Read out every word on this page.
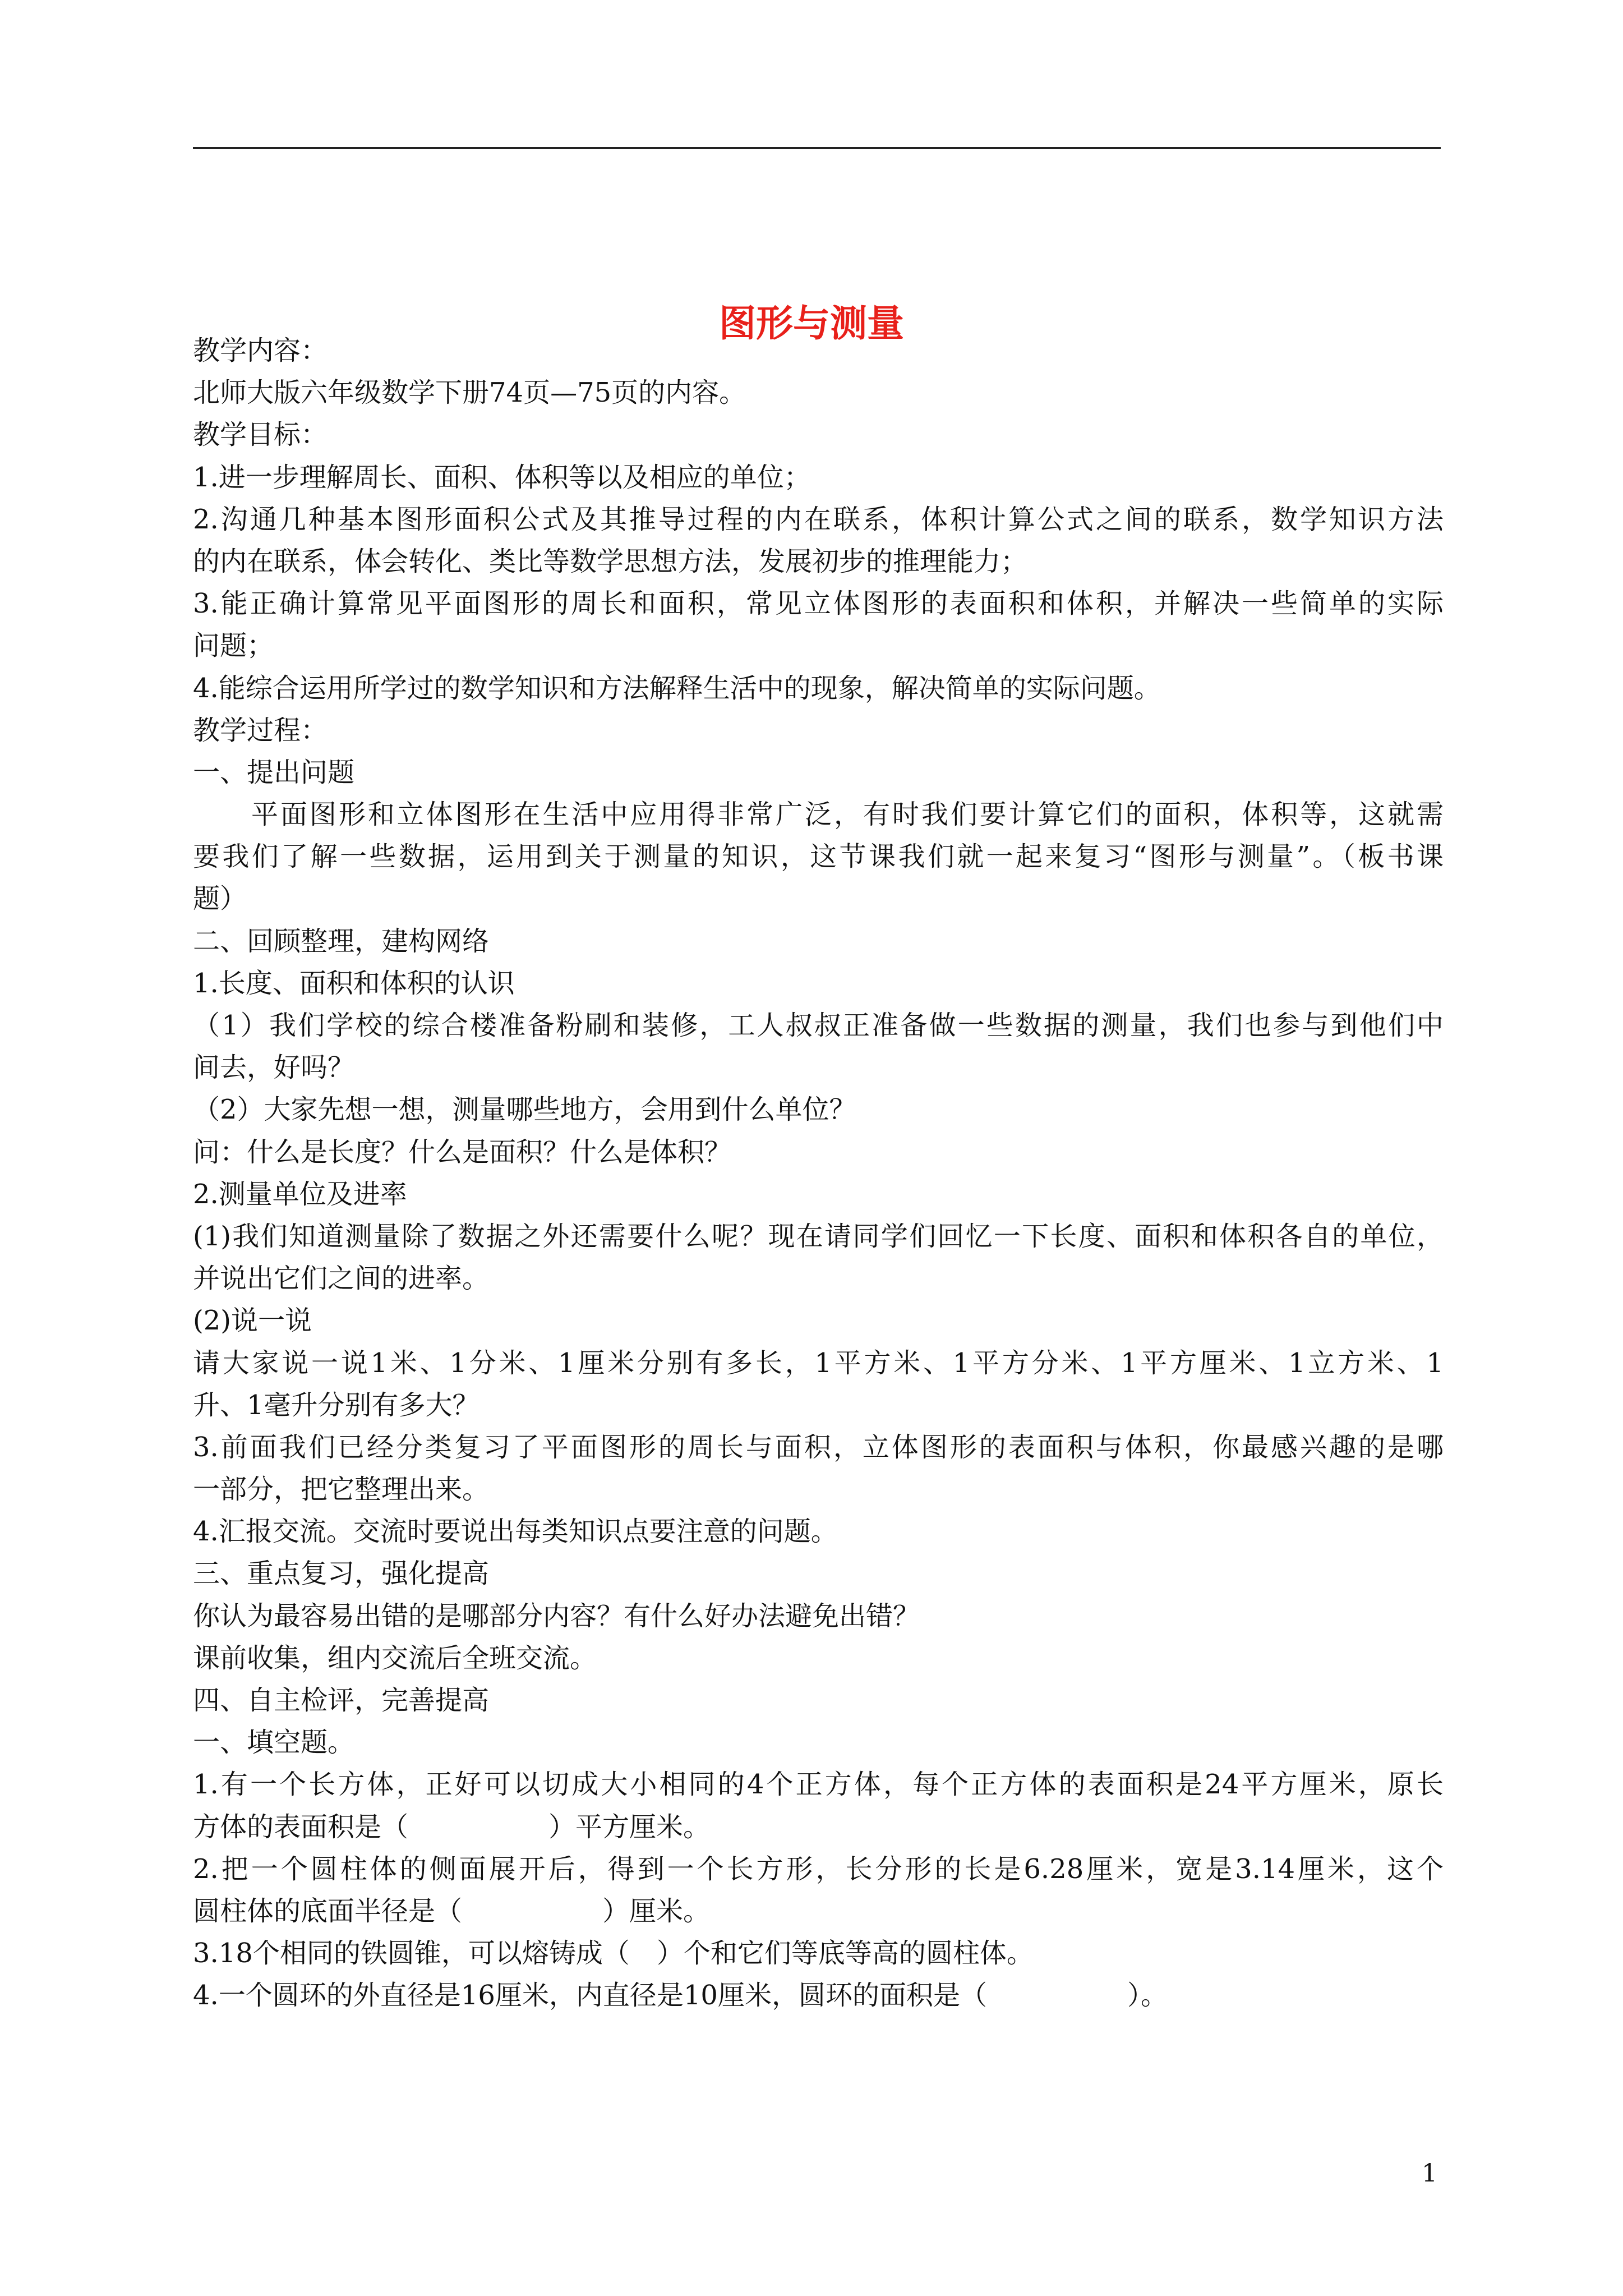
图形与测量
教学内容：
北师大版六年级数学下册74页—75页的内容。
教学目标：
1.进一步理解周长、面积、体积等以及相应的单位；
2.沟通几种基本图形面积公式及其推导过程的内在联系，体积计算公式之间的联系，数学知识方法
的内在联系，体会转化、类比等数学思想方法，发展初步的推理能力；
3.能正确计算常见平面图形的周长和面积，常见立体图形的表面积和体积，并解决一些简单的实际
问题；
4.能综合运用所学过的数学知识和方法解释生活中的现象，解决简单的实际问题。
教学过程：
一、提出问题
平面图形和立体图形在生活中应用得非常广泛，有时我们要计算它们的面积，体积等，这就需
要我们了解一些数据，运用到关于测量的知识，这节课我们就一起来复习“图形与测量”。（板书课
题）
二、回顾整理，建构网络
1.长度、面积和体积的认识
（1）我们学校的综合楼准备粉刷和装修，工人叔叔正准备做一些数据的测量，我们也参与到他们中
间去，好吗？
（2）大家先想一想，测量哪些地方，会用到什么单位？
问：什么是长度？什么是面积？什么是体积？
2.测量单位及进率
(1)我们知道测量除了数据之外还需要什么呢？现在请同学们回忆一下长度、面积和体积各自的单位，
并说出它们之间的进率。
(2)说一说
请大家说一说1米、1分米、1厘米分别有多长，1平方米、1平方分米、1平方厘米、1立方米、1
升、1毫升分别有多大？
3.前面我们已经分类复习了平面图形的周长与面积，立体图形的表面积与体积，你最感兴趣的是哪
一部分，把它整理出来。
4.汇报交流。交流时要说出每类知识点要注意的问题。
三、重点复习，强化提高
你认为最容易出错的是哪部分内容？有什么好办法避免出错？
课前收集，组内交流后全班交流。
四、自主检评，完善提高
一、填空题。
1.有一个长方体，正好可以切成大小相同的4个正方体，每个正方体的表面积是24平方厘米，原长
方体的表面积是（	）平方厘米。
2.把一个圆柱体的侧面展开后，得到一个长方形，长分形的长是6.28厘米，宽是3.14厘米，这个
圆柱体的底面半径是（	）厘米。
3.18个相同的铁圆锥，可以熔铸成（　）个和它们等底等高的圆柱体。
4.一个圆环的外直径是16厘米，内直径是10厘米，圆环的面积是（	）。
1
